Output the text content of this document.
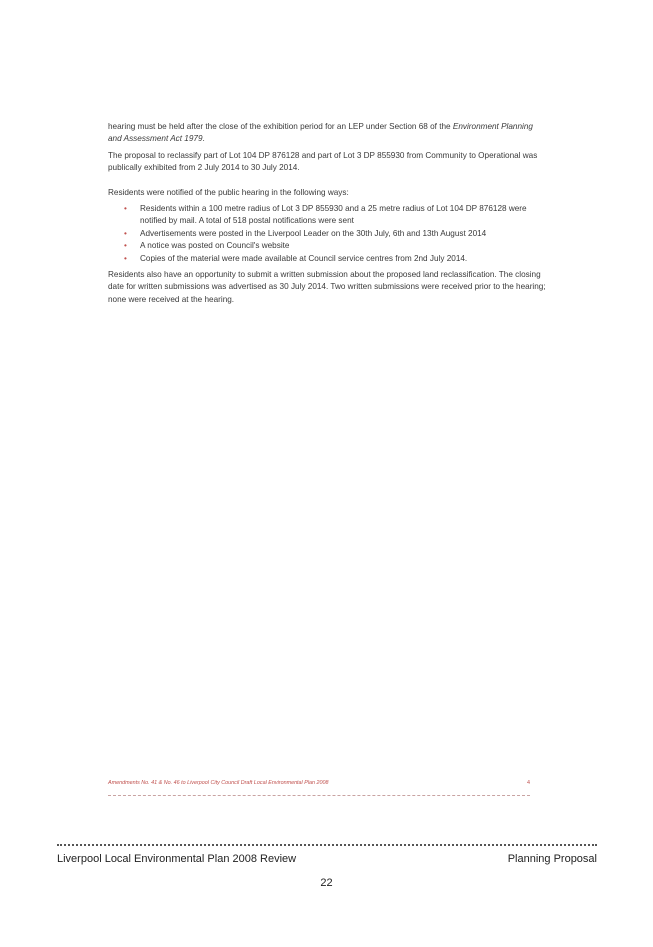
hearing must be held after the close of the exhibition period for an LEP under Section 68 of the Environment Planning and Assessment Act 1979.

The proposal to reclassify part of Lot 104 DP 876128 and part of Lot 3 DP 855930 from Community to Operational was publically exhibited from 2 July 2014 to 30 July 2014.

Residents were notified of the public hearing in the following ways:

• Residents within a 100 metre radius of Lot 3 DP 855930 and a 25 metre radius of Lot 104 DP 876128 were notified by mail. A total of 518 postal notifications were sent
• Advertisements were posted in the Liverpool Leader on the 30th July, 6th and 13th August 2014
• A notice was posted on Council's website
• Copies of the material were made available at Council service centres from 2nd July 2014.

Residents also have an opportunity to submit a written submission about the proposed land reclassification. The closing date for written submissions was advertised as 30 July 2014. Two written submissions were received prior to the hearing; none were received at the hearing.

Amendments No. 41 & No. 46 to Liverpool City Council Draft Local Environmental Plan 2008	4
Liverpool Local Environmental Plan 2008 Review	Planning Proposal
22
